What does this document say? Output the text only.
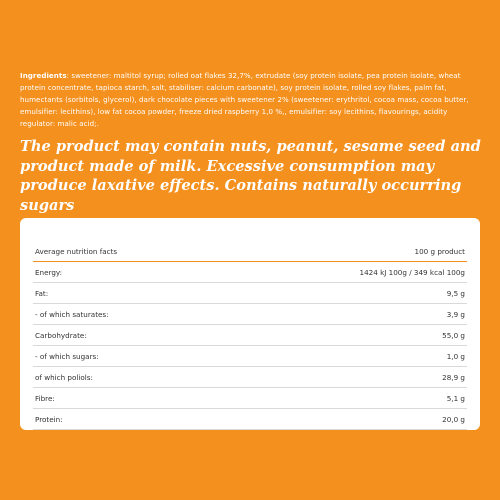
Ingredients: sweetener: maltitol syrup; rolled oat flakes 32,7%, extrudate (soy protein isolate, pea protein isolate, wheat protein concentrate, tapioca starch, salt, stabiliser: calcium carbonate), soy protein isolate, rolled soy flakes, palm fat, humectants (sorbitols, glycerol), dark chocolate pieces with sweetener 2% (sweetener: erythritol, cocoa mass, cocoa butter, emulsifier: lecithins), low fat cocoa powder, freeze dried raspberry 1,0 %,, emulsifier: soy lecithins, flavourings, acidity regulator: malic acid;.
The product may contain nuts, peanut, sesame seed and product made of milk. Excessive consumption may produce laxative effects. Contains naturally occurring sugars
Average nutrition facts	100 g product
Energy:	1424 kJ 100g / 349 kcal 100g
Fat:	9,5 g
- of which saturates:	3,9 g
Carbohydrate:	55,0 g
- of which sugars:	1,0 g
of which poliols:	28,9 g
Fibre:	5,1 g
Protein:	20,0 g
